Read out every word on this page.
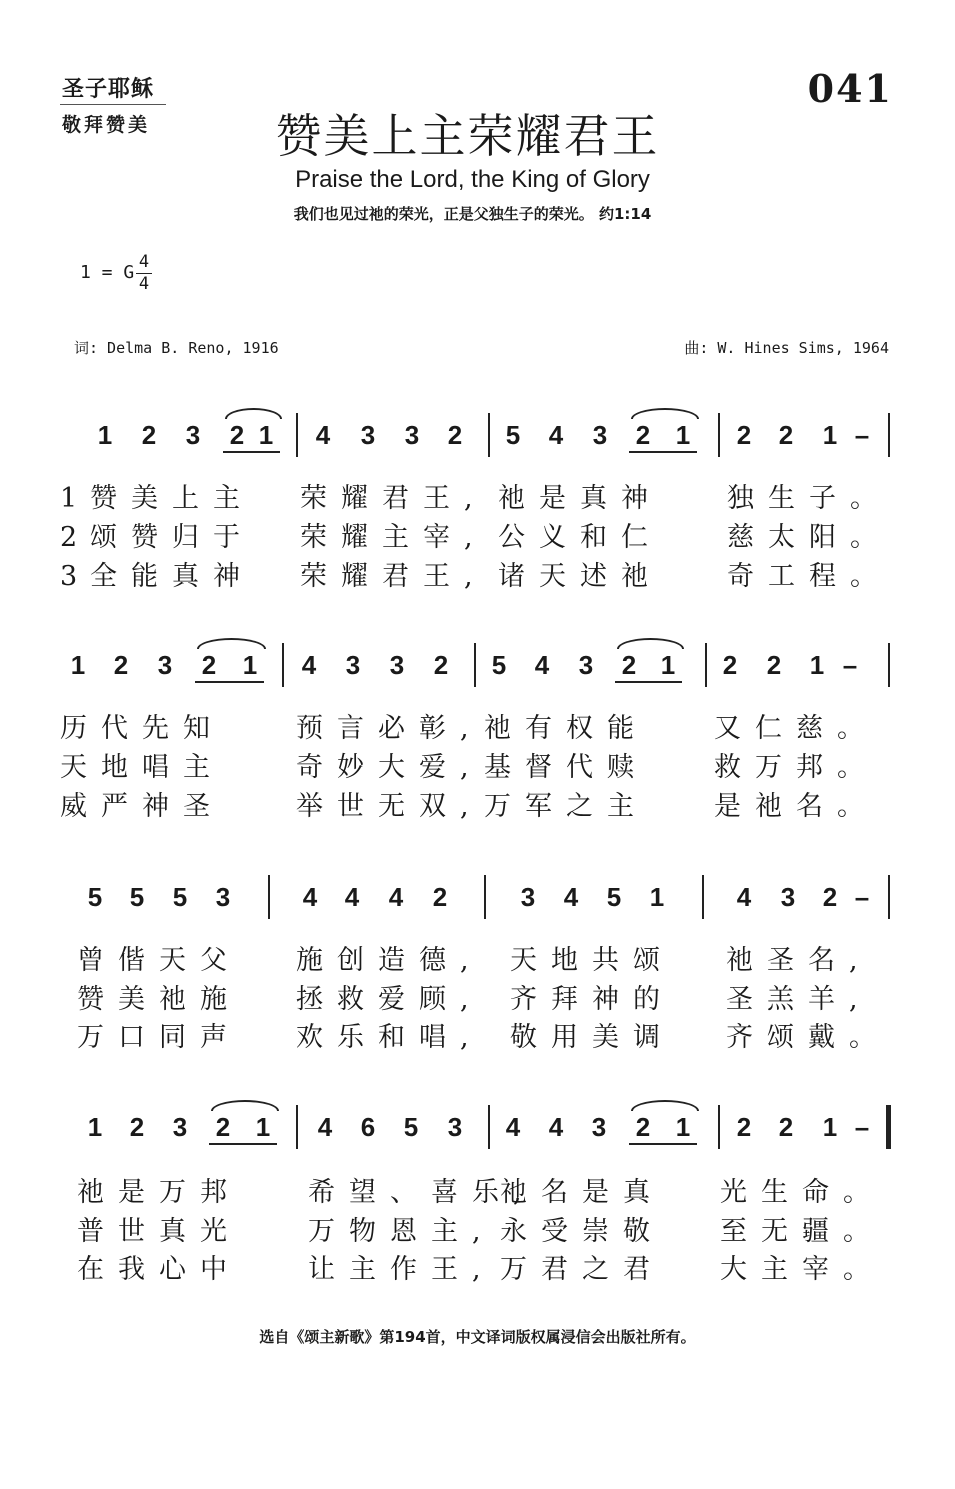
圣子耶稣
敬拜赞美
041
赞美上主荣耀君王
Praise the Lord, the King of Glory
我们也见过祂的荣光，正是父独生子的荣光。 约1:14
1 = G 4
4
词: Delma B. Reno, 1916	曲: W. Hines Sims, 1964
1 2 3 2 1 4 3 3 2 5 4 3 2 1 2 2 1 –
1 赞美上主 荣耀君王, 祂是真神 独生子。
2 颂赞归于 荣耀主宰, 公义和仁 慈太阳。
3 全能真神 荣耀君王, 诸天述祂 奇工程。
1 2 3 2 1 4 3 3 2 5 4 3 2 1 2 2 1 –
历代先知	预言必彰, 祂有权能 又仁慈。
天地唱主	奇妙大爱, 基督代赎 救万邦。
威严神圣	举世无双, 万军之主 是祂名。
5 5 5 3	4 4 4 2	3 4 5 1	4 3 2 –
曾偕天父 施创造德, 天地共颂 祂圣名,
赞美祂施 拯救爱顾, 齐拜神的 圣羔羊,
万口同声 欢乐和唱, 敬用美调 齐颂戴。
1 2 3 2 1 4 6 5 3 4 4 3 2 1 2 2 1 –
祂是万邦 希望、喜乐,
祂名是真 光生命。
普世真光 万物恩主, 永受崇敬 至无疆。
在我心中 让主作王, 万君之君 大主宰。
选自《颂主新歌》第194首，中文译词版权属浸信会出版社所有。
